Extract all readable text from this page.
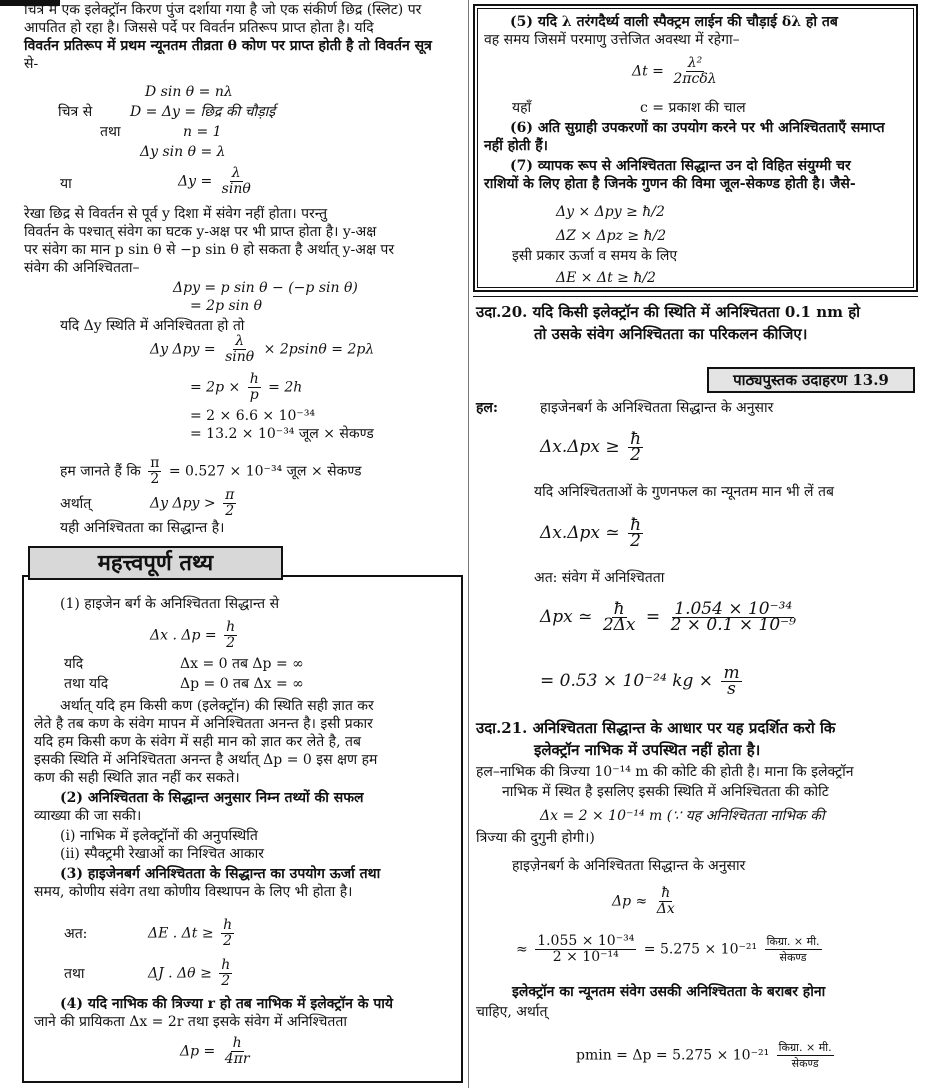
चित्र में एक इलेक्ट्रॉन किरण पुंज दर्शाया गया है जो एक संकीर्ण छिद्र (स्लिट) पर
आपतित हो रहा है। जिससे पर्दे पर विवर्तन प्रतिरूप प्राप्त होता है। यदि
विवर्तन प्रतिरूप में प्रथम न्यूनतम तीव्रता θ कोण पर प्राप्त होती है तो विवर्तन सूत्र
से-
D sin θ = nλ
चित्र से	D = Δy = छिद्र की चौड़ाई
तथा	n = 1
Δy sin θ = λ
या	$\Delta y = \frac{\lambda}{\sin\theta}$
रेखा छिद्र से विवर्तन से पूर्व y दिशा में संवेग नहीं होता। परन्तु
विवर्तन के पश्चात् संवेग का घटक y-अक्ष पर भी प्राप्त होता है। y-अक्ष
पर संवेग का मान p sin θ से −p sin θ हो सकता है अर्थात् y-अक्ष पर
संवेग की अनिश्चितता–
Δpy = p sin θ − (−p sin θ)
= 2p sin θ
यदि Δy स्थिति में अनिश्चितता हो तो
Δy $\Delta py = \frac{\lambda}{\sin\theta} \times 2psin\theta = 2p\lambda$
= $2p \times \frac{h}{p} = 2h$
= 2 × 6.6 × 10⁻³⁴
= 13.2 × 10⁻³⁴ जूल × सेकण्ड
हम जानते हैं कि $\frac{\pi}{2} = 0.527 \times 10^{-34}$ जूल × सेकण्ड
अर्थात्	Δy $\Delta py > \frac{\pi}{2}$
यही अनिश्चितता का सिद्धान्त है।
महत्त्वपूर्ण तथ्य
(1) हाइजेन बर्ग के अनिश्चितता सिद्धान्त से
Δx . $\Delta p = \frac{h}{2}$
यदि	Δx = 0 तब Δp = ∞
तथा यदि	Δp = 0 तब Δx = ∞
अर्थात् यदि हम किसी कण (इलेक्ट्रॉन) की स्थिति सही ज्ञात कर
लेते है तब कण के संवेग मापन में अनिश्चितता अनन्त है। इसी प्रकार
यदि हम किसी कण के संवेग में सही मान को ज्ञात कर लेते है, तब
इसकी स्थिति में अनिश्चितता अनन्त है अर्थात् Δp = 0 इस क्षण हम
कण की सही स्थिति ज्ञात नहीं कर सकते।
(2) अनिश्चितता के सिद्धान्त अनुसार निम्न तथ्यों की सफल
व्याख्या की जा सकी।
(i) नाभिक में इलेक्ट्रॉनों की अनुपस्थिति
(ii) स्पैक्ट्रमी रेखाओं का निश्चित आकार
(3) हाइजेनबर्ग अनिश्चितता के सिद्धान्त का उपयोग ऊर्जा तथा
समय, कोणीय संवेग तथा कोणीय विस्थापन के लिए भी होता है।
अत:	ΔE . $\Delta t \ge \frac{h}{2}$
तथा	ΔJ . $\Delta\theta \ge \frac{h}{2}$
(4) यदि नाभिक की त्रिज्या r हो तब नाभिक में इलेक्ट्रॉन के पाये
जाने की प्रायिकता Δx = 2r तथा इसके संवेग में अनिश्चितता
$\Delta p = \frac{h}{4\pi r}$
(5) यदि λ तरंगदैर्ध्य वाली स्पैक्ट्रम लाईन की चौड़ाई δλ हो तब
वह समय जिसमें परमाणु उत्तेजित अवस्था में रहेगा–
$\Delta t = \frac{\text{λ²}}{\text{2πcδλ}}$
यहाँ	c = प्रकाश की चाल
(6) अति सुग्राही उपकरणों का उपयोग करने पर भी अनिश्चितताएँ समाप्त
नहीं होती हैं।
(7) व्यापक रूप से अनिश्चितता सिद्धान्त उन दो विहित संयुग्मी चर
राशियों के लिए होता है जिनके गुणन की विमा जूल-सेकण्ड होती है। जैसे-
Δy × Δpy ≥ ħ/2
ΔZ × Δpz ≥ ħ/2
इसी प्रकार ऊर्जा व समय के लिए
ΔE × Δt ≥ ħ/2
उदा.20. यदि किसी इलेक्ट्रॉन की स्थिति में अनिश्चितता 0.1 nm हो
तो उसके संवेग अनिश्चितता का परिकलन कीजिए।
पाठ्यपुस्तक उदाहरण 13.9
हल:	हाइजेनबर्ग के अनिश्चितता सिद्धान्त के अनुसार
$\Delta x.\Delta px \ge \frac{ħ}{2}$
यदि अनिश्चितताओं के गुणनफल का न्यूनतम मान भी लें तब
Δx.Δpx ≃ $\frac{ħ}{2}$
अत: संवेग में अनिश्चितता
Δpx ≃ $\frac{ħ}{2\Delta x} = \frac{\text{1.054 × 10⁻³⁴}}{\text{2 × 0.1 × 10⁻⁹}}$
= 0.53 × 10⁻²⁴ kg × $\frac{m}{s}$
उदा.21. अनिश्चितता सिद्धान्त के आधार पर यह प्रदर्शित करो कि
इलेक्ट्रॉन नाभिक में उपस्थित नहीं होता है।
हल–नाभिक की त्रिज्या 10⁻¹⁴ m की कोटि की होती है। माना कि इलेक्ट्रॉन
नाभिक में स्थित है इसलिए इसकी स्थिति में अनिश्चितता की कोटि
Δx = 2 × 10⁻¹⁴ m (∵ यह अनिश्चितता नाभिक की
त्रिज्या की दुगुनी होगी।)
हाइज़ेनबर्ग के अनिश्चितता सिद्धान्त के अनुसार
$\Delta p \approx \frac{ħ}{\Delta x}$
≈ $\frac{\text{1.055 × 10⁻³⁴}}{\text{2 × 10⁻¹⁴}} = 5.275 \times 10^{-21} \frac{\text{किग्रा. × मी.}}{\text{सेकण्ड}}$
इलेक्ट्रॉन का न्यूनतम संवेग उसकी अनिश्चितता के बराबर होना
चाहिए, अर्थात्
$pmin = \Delta p = 5.275 \times 10^{-21} \frac{\text{किग्रा. × मी.}}{\text{सेकण्ड}}$
